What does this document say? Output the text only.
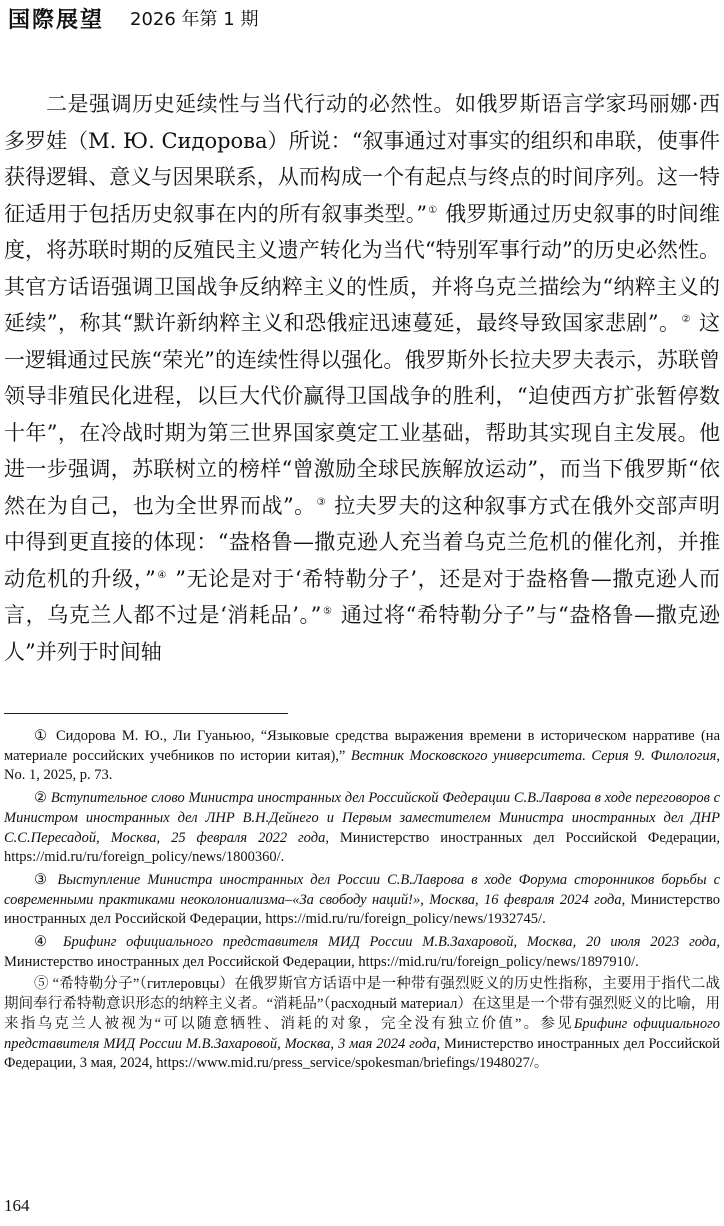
国際展望 2026 年第 1 期

二是强调历史延续性与当代行动的必然性。如俄罗斯语言学家玛丽娜·西多罗娃（М. Ю. Сидорова）所说：“叙事通过对事实的组织和串联，使事件获得逻辑、意义与因果联系，从而构成一个有起点与终点的时间序列。这一特征适用于包括历史叙事在内的所有叙事类型。”① 俄罗斯通过历史叙事的时间维度，将苏联时期的反殖民主义遗产转化为当代“特别军事行动”的历史必然性。其官方话语强调卫国战争反纳粹主义的性质，并将乌克兰描绘为“纳粹主义的延续”，称其“默许新纳粹主义和恐俄症迅速蔓延，最终导致国家悲剧”。② 这一逻辑通过民族“荣光”的连续性得以强化。俄罗斯外长拉夫罗夫表示，苏联曾领导非殖民化进程，以巨大代价赢得卫国战争的胜利，“迫使西方扩张暂停数十年”，在冷战时期为第三世界国家奠定工业基础，帮助其实现自主发展。他进一步强调，苏联树立的榜样“曾激励全球民族解放运动”，而当下俄罗斯“依然在为自己，也为全世界而战”。③ 拉夫罗夫的这种叙事方式在俄外交部声明中得到更直接的体现：“盎格鲁—撒克逊人充当着乌克兰危机的催化剂，并推动危机的升级，”④ ”无论是对于‘希特勒分子’，还是对于盎格鲁—撒克逊人而言，乌克兰人都不过是‘消耗品’。”⑤ 通过将“希特勒分子”与“盎格鲁—撒克逊人”并列于时间轴

① Сидорова М. Ю., Ли Гуаньюо, “Языковые средства выражения времени в историческом нарративе (на материале российских учебников по истории китая),” Вестник Московского университета. Серия 9. Филология, No. 1, 2025, p. 73.

② Вступительное слово Министра иностранных дел Российской Федерации С.В.Лаврова в ходе переговоров с Министром иностранных дел ЛНР В.Н.Дейнего и Первым заместителем Министра иностранных дел ДНР С.С.Пересадой, Москва, 25 февраля 2022 года, Министерство иностранных дел Российской Федерации, https://mid.ru/ru/foreign_policy/news/1800360/.

③ Выступление Министра иностранных дел России С.В.Лаврова в ходе Форума сторонников борьбы с современными практиками неоколониализма–«За свободу наций!», Москва, 16 февраля 2024 года, Министерство иностранных дел Российской Федерации, https://mid.ru/ru/foreign_policy/news/1932745/.

④ Брифинг официального представителя МИД России М.В.Захаровой, Москва, 20 июля 2023 года, Министерство иностранных дел Российской Федерации, https://mid.ru/ru/foreign_policy/news/1897910/.

⑤ “希特勒分子”（гитлеровцы）在俄罗斯官方话语中是一种带有强烈贬义的历史性指称，主要用于指代二战期间奉行希特勒意识形态的纳粹主义者。“消耗品”（расходный материал）在这里是一个带有强烈贬义的比喻，用来指乌克兰人被视为“可以随意牺牲、消耗的对象，完全没有独立价值”。参见Брифинг официального представителя МИД России М.В.Захаровой, Москва, 3 мая 2024 года, Министерство иностранных дел Российской Федерации, 3 мая, 2024, https://www.mid.ru/press_service/spokesman/briefings/1948027/。

164
